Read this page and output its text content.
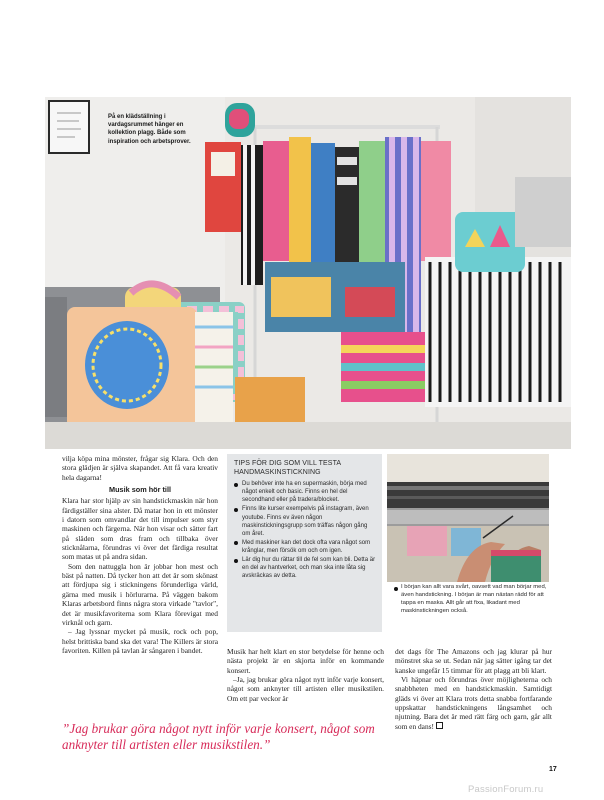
På en klädställning i vardagsrummet hänger en kollektion plagg. Både som inspiration och arbetsprover.

vilja köpa mina mönster, frågar sig Klara. Och den stora glädjen är själva skapandet. Att få vara kreativ hela dagarna!

Musik som hör till

Klara har stor hjälp av sin handstickmaskin när hon färdigställer sina alster. Då matar hon in ett mönster i datorn som omvandlar det till impulser som styr maskinen och färgerna. När hon visar och sätter fart på släden som dras fram och tillbaka över sticknålarna, förundras vi över det färdiga resultat som matas ut på andra sidan.

Som den nattuggla hon är jobbar hon mest och bäst på natten. Då tycker hon att det är som skönast att fördjupa sig i stickningens förunderliga värld, gärna med musik i hörlurarna. På väggen bakom Klaras arbetsbord finns några stora virkade "tavlor", det är musikfavoriterna som Klara förevigat med virknål och garn.

– Jag lyssnar mycket på musik, rock och pop, helst brittiska band ska det vara! The Killers är stora favoriten. Killen på tavlan är sångaren i bandet.

TIPS FÖR DIG SOM VILL TESTA HANDMASKINSTICKNING
Du behöver inte ha en supermaskin, börja med något enkelt och basic. Finns en hel del secondhand eller på tradera/blocket.
Finns lite kurser exempelvis på instagram, även youtube. Finns ev även någon maskinstickningsgrupp som träffas någon gång om året.
Med maskiner kan det dock ofta vara något som krånglar, men försök om och om igen.
Lär dig hur du rättar till de fel som kan bli. Detta är en del av hantverket, och man ska inte låta sig avskräckas av detta.
I början kan allt vara svårt, oavsett vad man börjar med, även handstickning. I början är man nästan rädd för att tappa en maska. Allt går att fixa, likadant med maskinstickningen också.

Musik har helt klart en stor betydelse för henne och nästa projekt är en skjorta inför en kommande konsert.

–Ja, jag brukar göra något nytt inför varje konsert, något som anknyter till artisten eller musikstilen. Om ett par veckor är

det dags för The Amazons och jag klurar på hur mönstret ska se ut. Sedan när jag sätter igång tar det kanske ungefär 15 timmar för att plagg att bli klart.

Vi häpnar och förundras över möjligheterna och snabbheten med en handstickmaskin. Samtidigt gläds vi över att Klara trots detta snabba fortfarande uppskattar handstickningens långsamhet och njutning. Bara det är med rätt färg och garn, går allt som en dans!

”Jag brukar göra något nytt inför varje konsert, något som anknyter till artisten eller musikstilen.”
17
PassionForum.ru
